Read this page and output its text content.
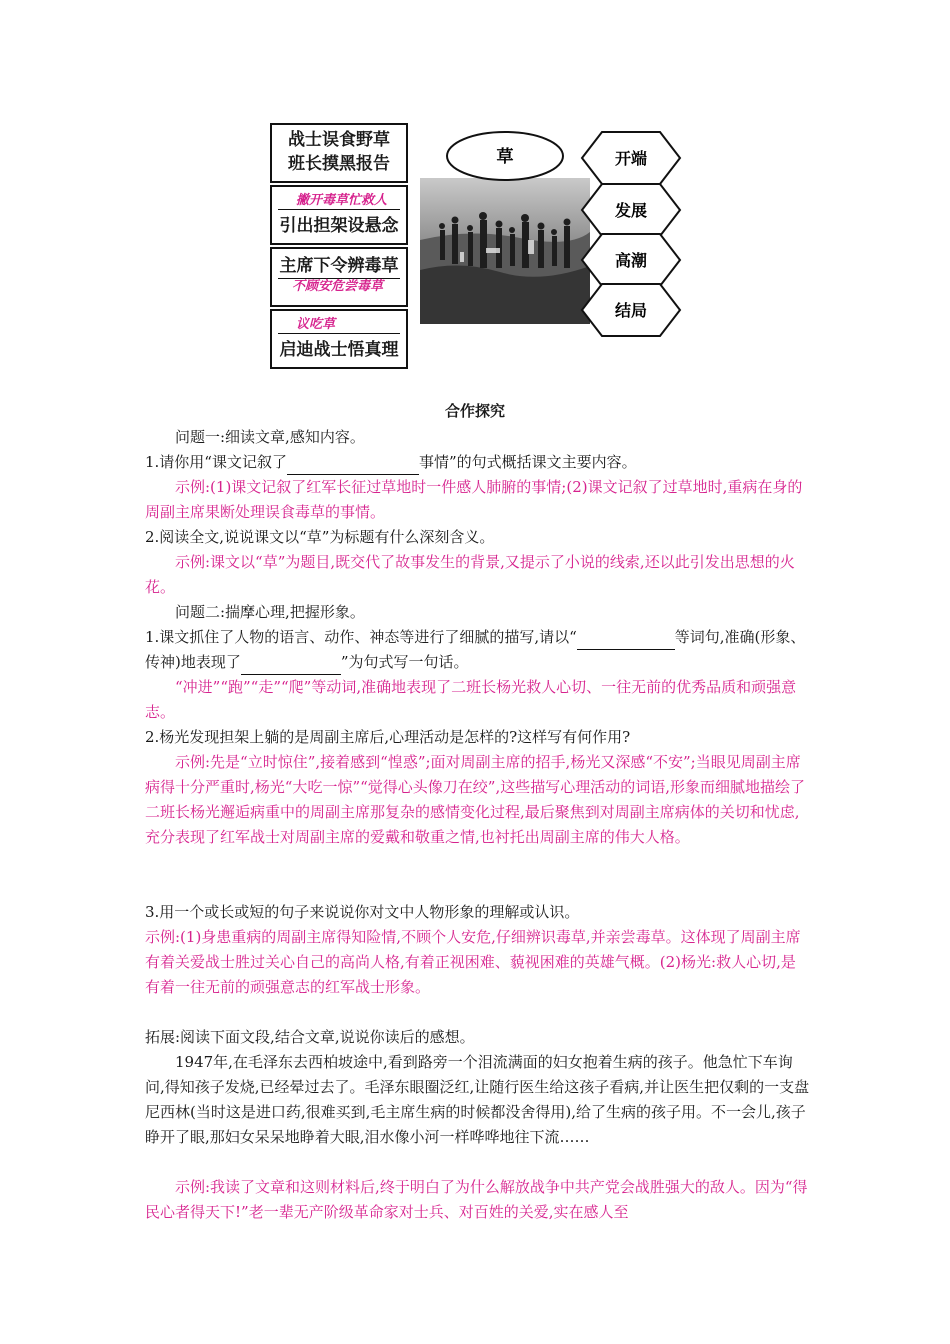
战士误食野草
班长摸黑报告
撇开毒草忙救人
引出担架设悬念
主席下令辨毒草
不顾安危尝毒草
议吃草
启迪战士悟真理
草	开端
发展
高潮
结局
合作探究
问题一:细读文章,感知内容。
1.请你用“课文记叙了	事情”的句式概括课文主要内容。
示例:(1)课文记叙了红军长征过草地时一件感人肺腑的事情;(2)课文记叙了过草地时,重病在身的周副主席果断处理误食毒草的事情。
2.阅读全文,说说课文以“草”为标题有什么深刻含义。
示例:课文以“草”为题目,既交代了故事发生的背景,又提示了小说的线索,还以此引发出思想的火花。
问题二:揣摩心理,把握形象。
1.课文抓住了人物的语言、动作、神态等进行了细腻的描写,请以“	等词句,准确(形象、传神)地表现了	”为句式写一句话。
“冲进”“跑”“走”“爬”等动词,准确地表现了二班长杨光救人心切、一往无前的优秀品质和顽强意志。
2.杨光发现担架上躺的是周副主席后,心理活动是怎样的?这样写有何作用?
示例:先是“立时惊住”,接着感到“惶惑”;面对周副主席的招手,杨光又深感“不安”;当眼见周副主席病得十分严重时,杨光“大吃一惊”“觉得心头像刀在绞”,这些描写心理活动的词语,形象而细腻地描绘了二班长杨光邂逅病重中的周副主席那复杂的感情变化过程,最后聚焦到对周副主席病体的关切和忧虑,充分表现了红军战士对周副主席的爱戴和敬重之情,也衬托出周副主席的伟大人格。
3.用一个或长或短的句子来说说你对文中人物形象的理解或认识。
示例:(1)身患重病的周副主席得知险情,不顾个人安危,仔细辨识毒草,并亲尝毒草。这体现了周副主席有着关爱战士胜过关心自己的高尚人格,有着正视困难、藐视困难的英雄气概。(2)杨光:救人心切,是有着一往无前的顽强意志的红军战士形象。
拓展:阅读下面文段,结合文章,说说你读后的感想。
1947年,在毛泽东去西柏坡途中,看到路旁一个泪流满面的妇女抱着生病的孩子。他急忙下车询问,得知孩子发烧,已经晕过去了。毛泽东眼圈泛红,让随行医生给这孩子看病,并让医生把仅剩的一支盘尼西林(当时这是进口药,很难买到,毛主席生病的时候都没舍得用),给了生病的孩子用。不一会儿,孩子睁开了眼,那妇女呆呆地睁着大眼,泪水像小河一样哗哗地往下流……
示例:我读了文章和这则材料后,终于明白了为什么解放战争中共产党会战胜强大的敌人。因为“得民心者得天下!”老一辈无产阶级革命家对士兵、对百姓的关爱,实在感人至
